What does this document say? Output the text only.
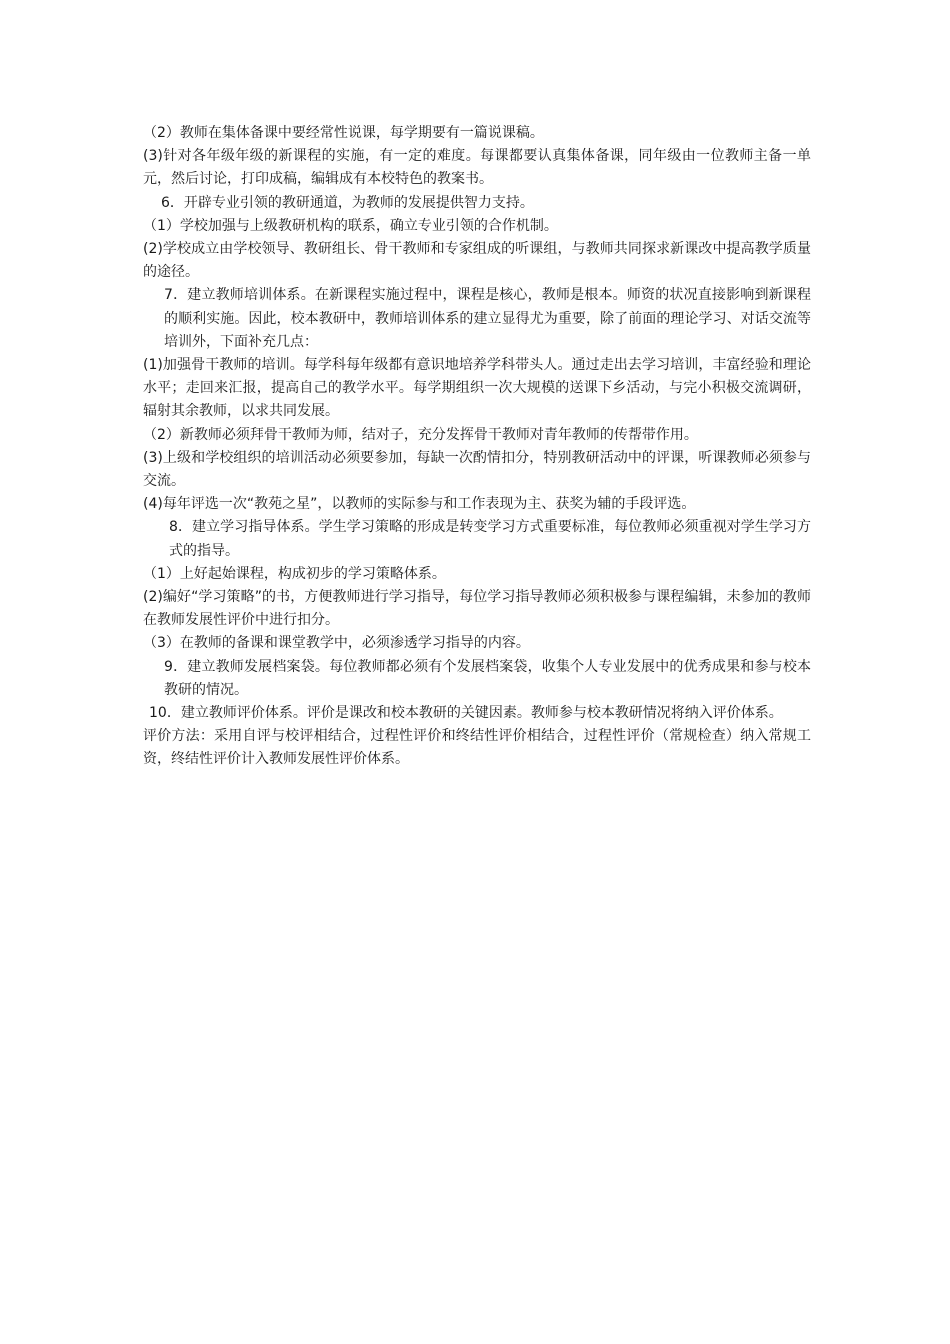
（2）教师在集体备课中要经常性说课，每学期要有一篇说课稿。

(3)针对各年级年级的新课程的实施，有一定的难度。每课都要认真集体备课，同年级由一位教师主备一单元，然后讨论，打印成稿，编辑成有本校特色的教案书。

6．开辟专业引领的教研通道，为教师的发展提供智力支持。

（1）学校加强与上级教研机构的联系，确立专业引领的合作机制。

(2)学校成立由学校领导、教研组长、骨干教师和专家组成的听课组，与教师共同探求新课改中提高教学质量的途径。

7．建立教师培训体系。在新课程实施过程中，课程是核心，教师是根本。师资的状况直接影响到新课程的顺利实施。因此，校本教研中，教师培训体系的建立显得尤为重要，除了前面的理论学习、对话交流等培训外，下面补充几点：

(1)加强骨干教师的培训。每学科每年级都有意识地培养学科带头人。通过走出去学习培训，丰富经验和理论水平；走回来汇报，提高自己的教学水平。每学期组织一次大规模的送课下乡活动，与完小积极交流调研，辐射其余教师，以求共同发展。

（2）新教师必须拜骨干教师为师，结对子，充分发挥骨干教师对青年教师的传帮带作用。

(3)上级和学校组织的培训活动必须要参加，每缺一次酌情扣分，特别教研活动中的评课，听课教师必须参与交流。

(4)每年评选一次“教苑之星”，以教师的实际参与和工作表现为主、获奖为辅的手段评选。

8．建立学习指导体系。学生学习策略的形成是转变学习方式重要标准，每位教师必须重视对学生学习方式的指导。

（1）上好起始课程，构成初步的学习策略体系。

(2)编好“学习策略”的书，方便教师进行学习指导，每位学习指导教师必须积极参与课程编辑，未参加的教师在教师发展性评价中进行扣分。

（3）在教师的备课和课堂教学中，必须渗透学习指导的内容。

9．建立教师发展档案袋。每位教师都必须有个发展档案袋，收集个人专业发展中的优秀成果和参与校本教研的情况。

10．建立教师评价体系。评价是课改和校本教研的关键因素。教师参与校本教研情况将纳入评价体系。

评价方法：采用自评与校评相结合，过程性评价和终结性评价相结合，过程性评价（常规检查）纳入常规工资，终结性评价计入教师发展性评价体系。
